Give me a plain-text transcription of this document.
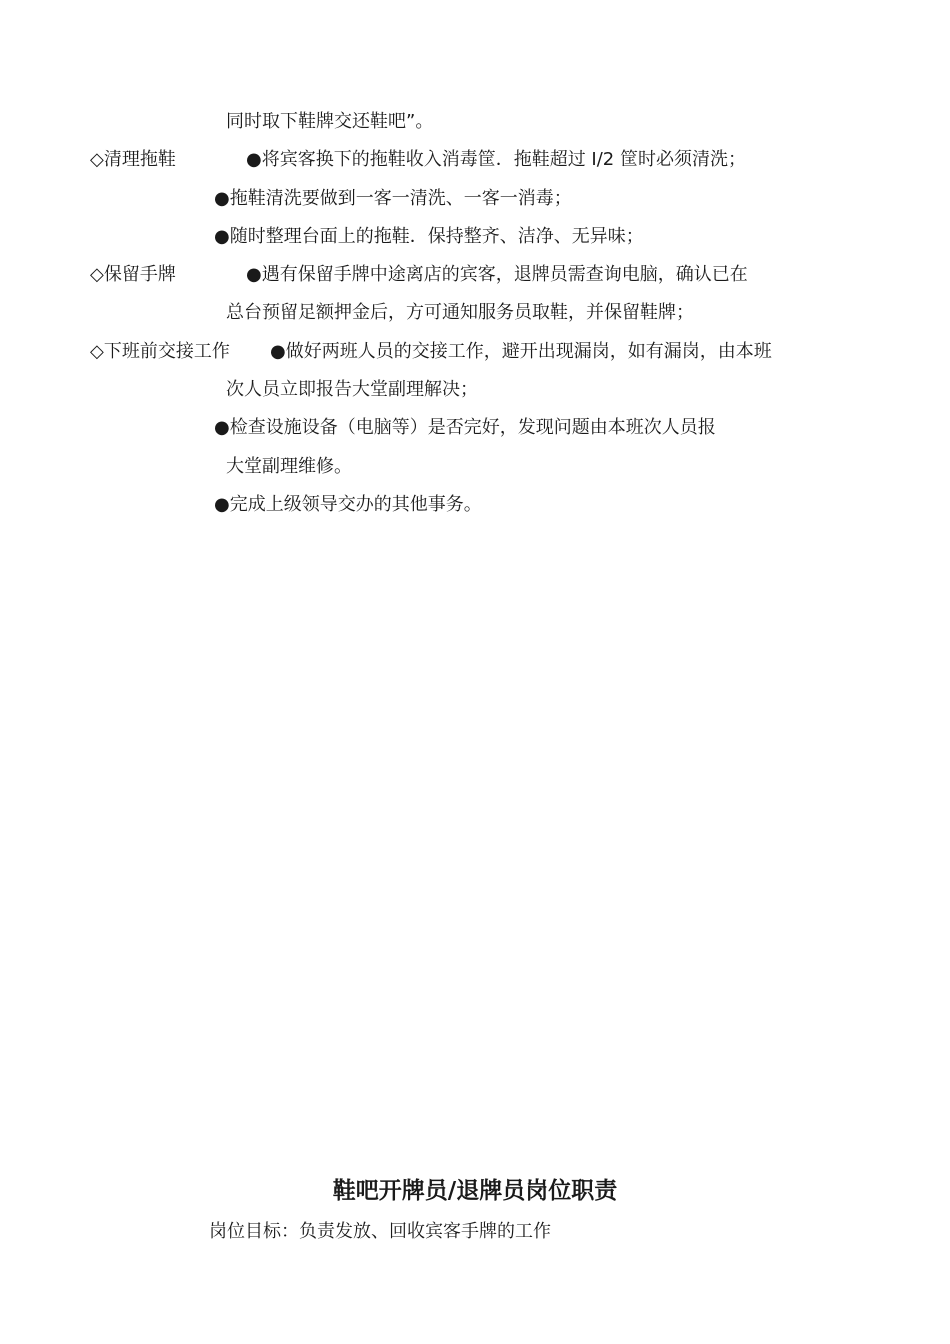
同时取下鞋牌交还鞋吧”。
◇清理拖鞋	●将宾客换下的拖鞋收入消毒筐．拖鞋超过 I/2 筐时必须清洗；
●拖鞋清洗要做到一客一清洗、一客一消毒；
●随时整理台面上的拖鞋．保持整齐、洁净、无异味；
◇保留手牌	●遇有保留手牌中途离店的宾客，退牌员需查询电脑，确认已在
总台预留足额押金后，方可通知服务员取鞋，并保留鞋牌；
◇下班前交接工作 ●做好两班人员的交接工作，避开出现漏岗，如有漏岗，由本班
次人员立即报告大堂副理解决；
●检查设施设备（电脑等）是否完好，发现问题由本班次人员报
大堂副理维修。
●完成上级领导交办的其他事务。
鞋吧开牌员/退牌员岗位职责
岗位目标：负责发放、回收宾客手牌的工作
